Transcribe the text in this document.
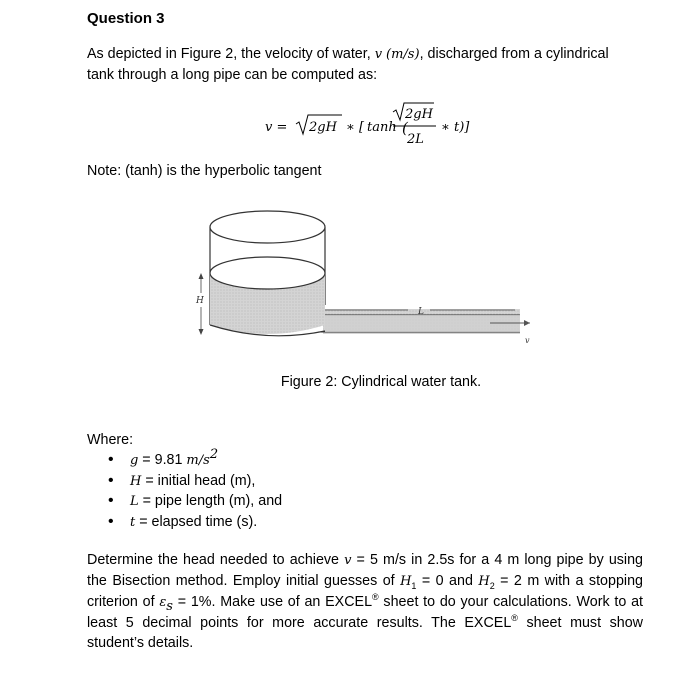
Question 3
As depicted in Figure 2, the velocity of water, v (m/s), discharged from a cylindrical
tank through a long pipe can be computed as:
v = 2gH ∗ [ tanh (
2gH
2L
∗ t)]
Note: (tanh) is the hyperbolic tangent
L
H
v
Figure 2: Cylindrical water tank.
Where:
• g = 9.81 $m/s^2$
• H = initial head (m),
• L = pipe length (m), and
• t = elapsed time (s).
Determine the head needed to achieve v = 5 m/s in 2.5s for a 4 m long pipe by using the Bisection method. Employ initial guesses of $H_1 = 0$ and $H_2 = 2$ m with a stopping criterion of $\varepsilon_s = 1\%$. Make use of an EXCEL® sheet to do your calculations. Work to at least 5 decimal points for more accurate results. The EXCEL® sheet must show student’s details.
